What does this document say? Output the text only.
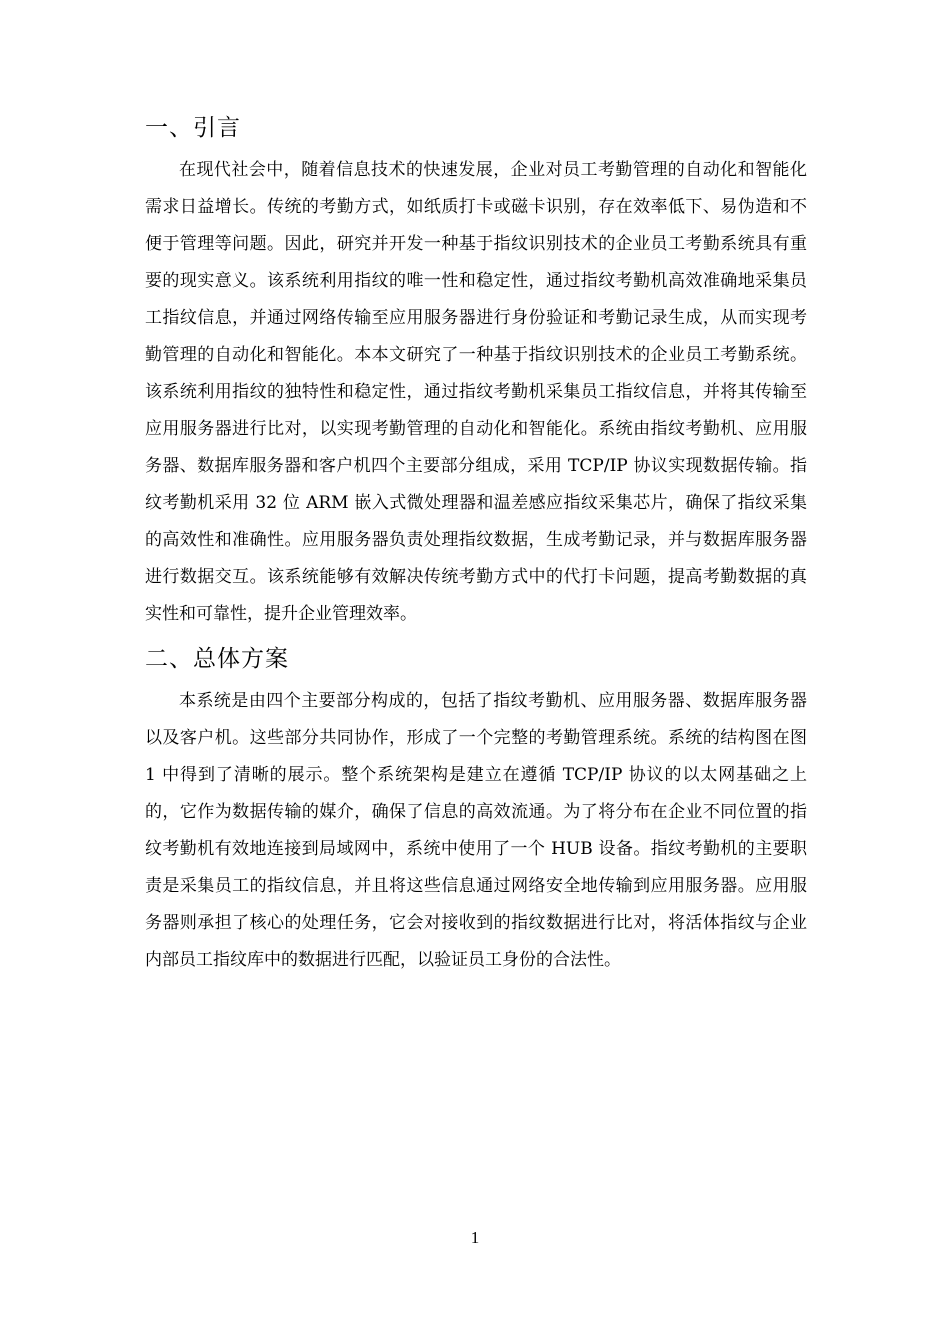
一、引言

在现代社会中，随着信息技术的快速发展，企业对员工考勤管理的自动化和智能化需求日益增长。传统的考勤方式，如纸质打卡或磁卡识别，存在效率低下、易伪造和不便于管理等问题。因此，研究并开发一种基于指纹识别技术的企业员工考勤系统具有重要的现实意义。该系统利用指纹的唯一性和稳定性，通过指纹考勤机高效准确地采集员工指纹信息，并通过网络传输至应用服务器进行身份验证和考勤记录生成，从而实现考勤管理的自动化和智能化。本本文研究了一种基于指纹识别技术的企业员工考勤系统。该系统利用指纹的独特性和稳定性，通过指纹考勤机采集员工指纹信息，并将其传输至应用服务器进行比对，以实现考勤管理的自动化和智能化。系统由指纹考勤机、应用服务器、数据库服务器和客户机四个主要部分组成，采用 TCP/IP 协议实现数据传输。指纹考勤机采用 32 位 ARM 嵌入式微处理器和温差感应指纹采集芯片，确保了指纹采集的高效性和准确性。应用服务器负责处理指纹数据，生成考勤记录，并与数据库服务器进行数据交互。该系统能够有效解决传统考勤方式中的代打卡问题，提高考勤数据的真实性和可靠性，提升企业管理效率。

二、总体方案

本系统是由四个主要部分构成的，包括了指纹考勤机、应用服务器、数据库服务器以及客户机。这些部分共同协作，形成了一个完整的考勤管理系统。系统的结构图在图 1 中得到了清晰的展示。整个系统架构是建立在遵循 TCP/IP 协议的以太网基础之上的，它作为数据传输的媒介，确保了信息的高效流通。为了将分布在企业不同位置的指纹考勤机有效地连接到局域网中，系统中使用了一个 HUB 设备。指纹考勤机的主要职责是采集员工的指纹信息，并且将这些信息通过网络安全地传输到应用服务器。应用服务器则承担了核心的处理任务，它会对接收到的指纹数据进行比对，将活体指纹与企业内部员工指纹库中的数据进行匹配，以验证员工身份的合法性。

1
